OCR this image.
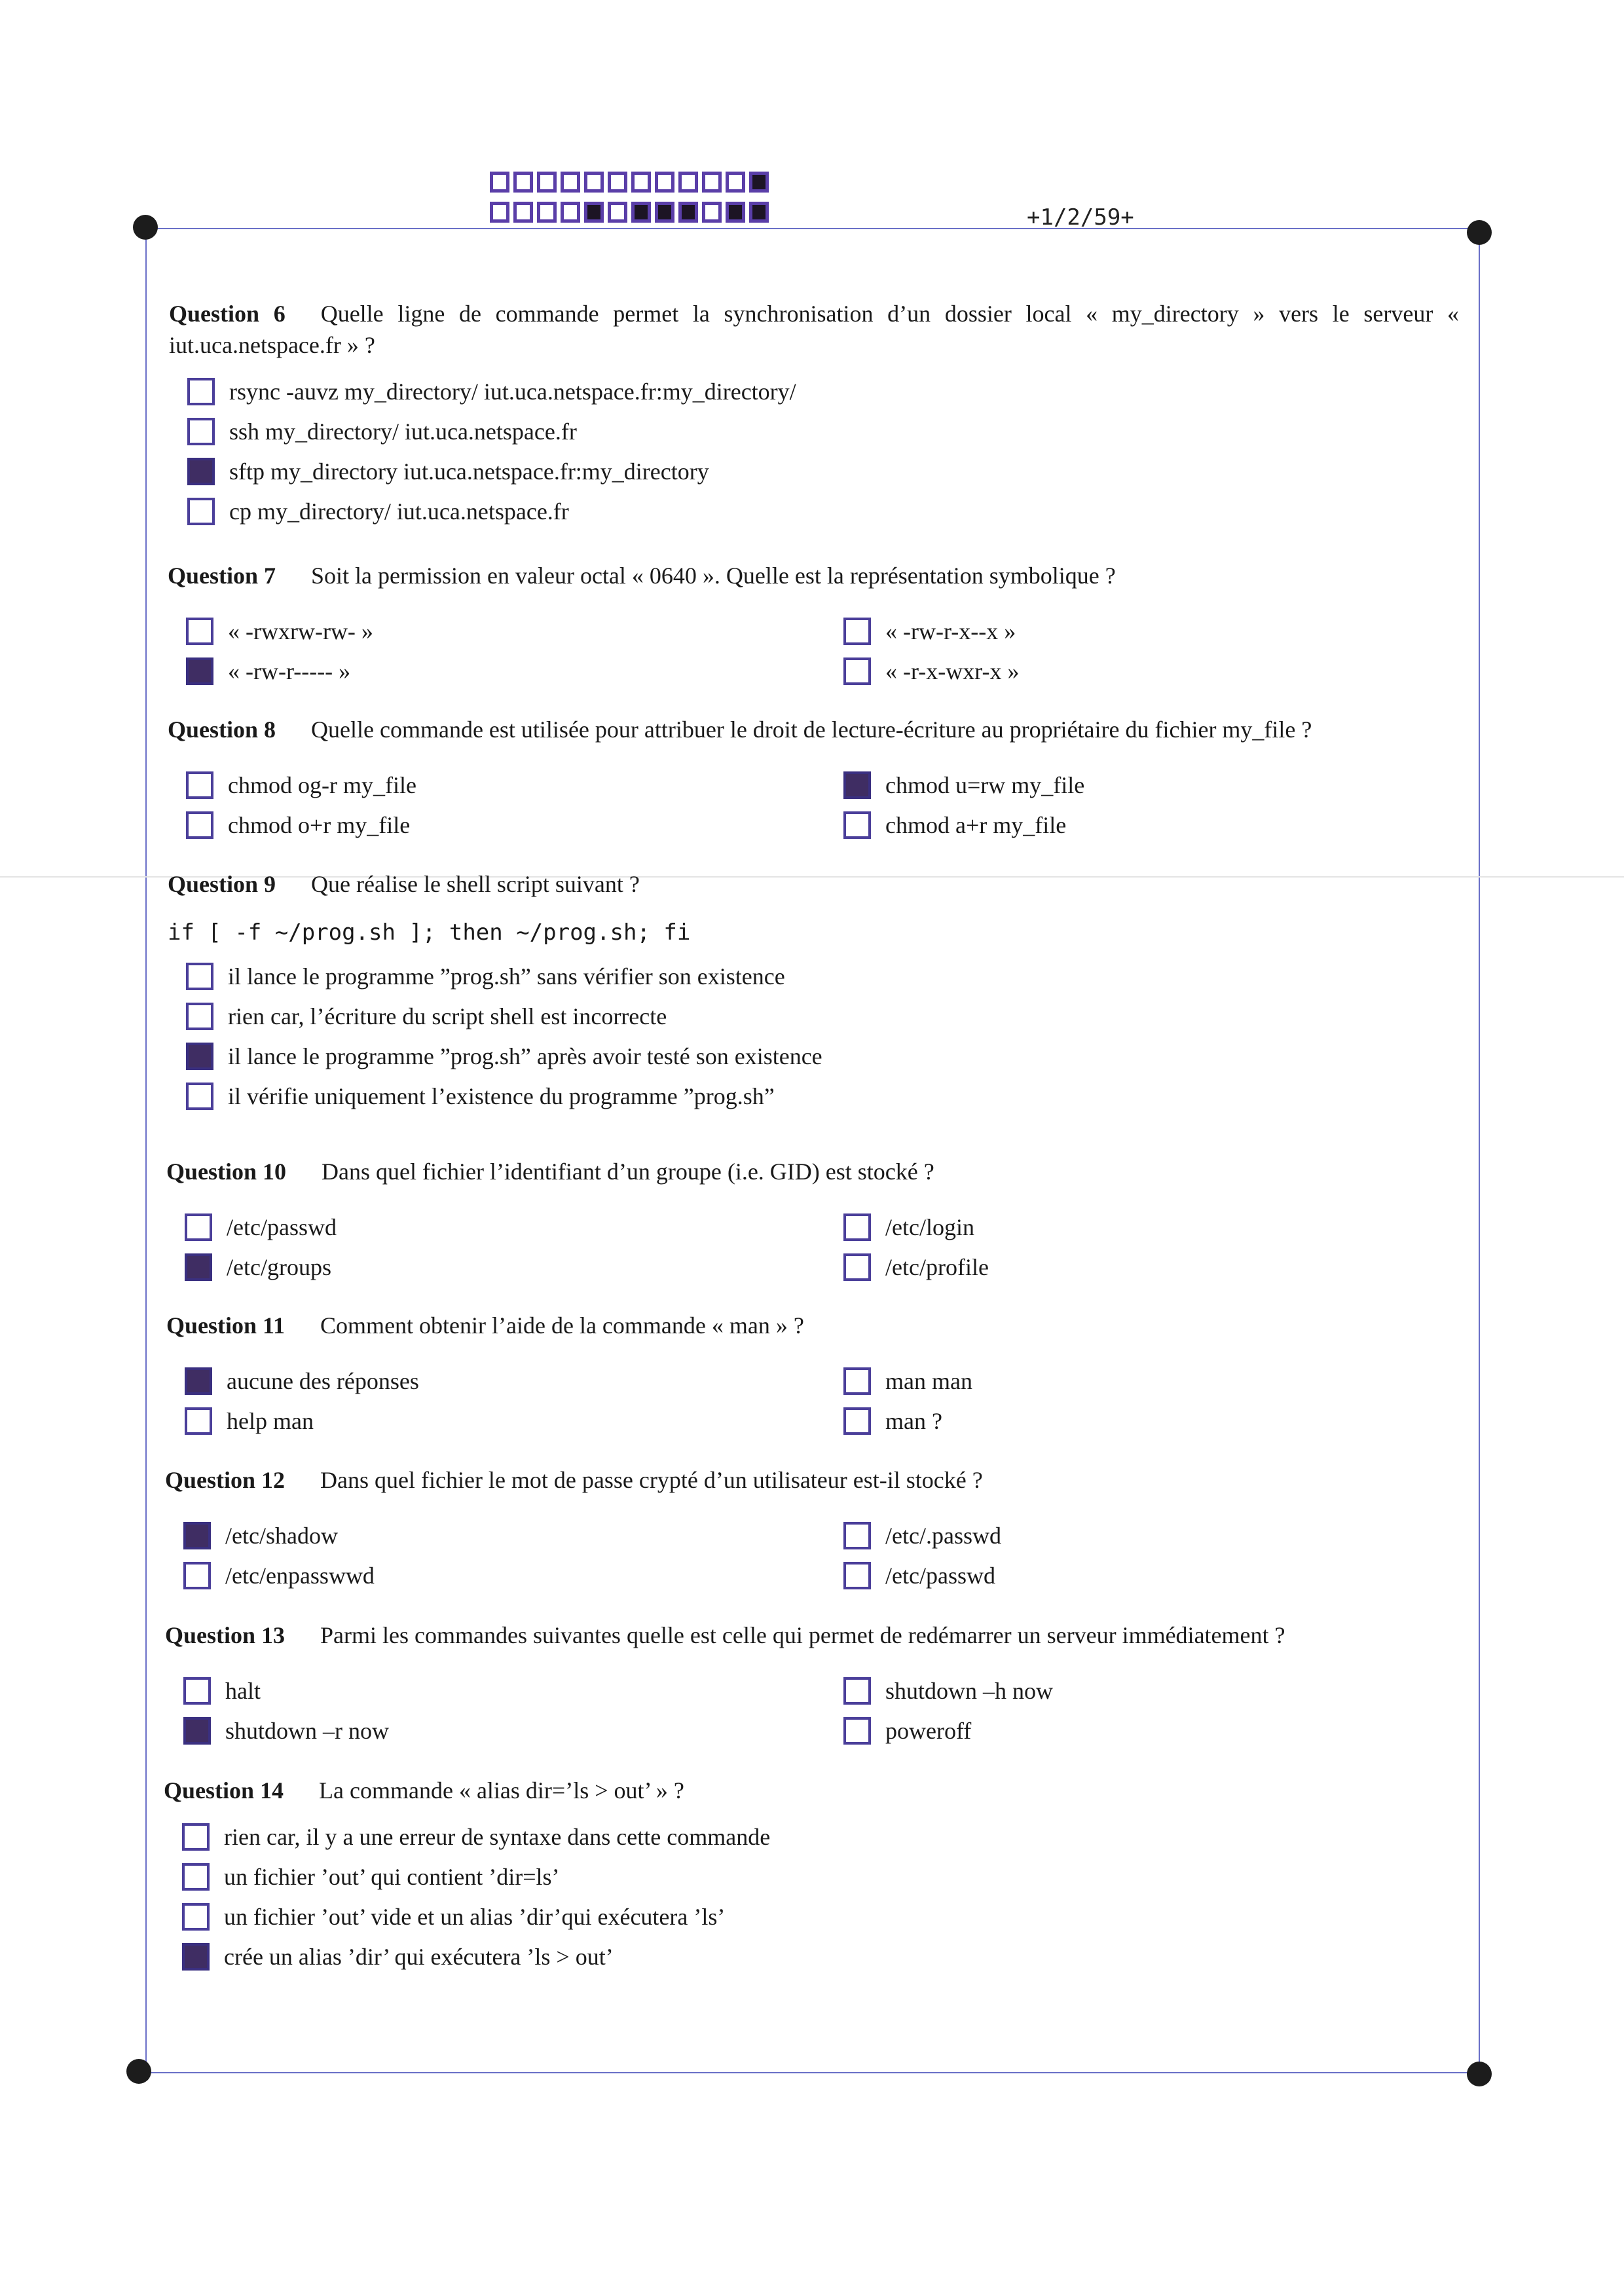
+1/2/59+

Question 6 Quelle ligne de commande permet la synchronisation d’un dossier local « my_directory » vers le serveur « iut.uca.netspace.fr » ?

rsync -auvz my_directory/ iut.uca.netspace.fr:my_directory/
ssh my_directory/ iut.uca.netspace.fr
sftp my_directory iut.uca.netspace.fr:my_directory
cp my_directory/ iut.uca.netspace.fr

Question 7 Soit la permission en valeur octal « 0640 ». Quelle est la représentation symbolique ?

« -rwxrw-rw- »	« -rw-r-x--x »
« -rw-r----- »	« -r-x-wxr-x »

Question 8 Quelle commande est utilisée pour attribuer le droit de lecture-écriture au propriétaire du fichier my_file ?

chmod og-r my_file	chmod u=rw my_file
chmod o+r my_file	chmod a+r my_file

Question 9 Que réalise le shell script suivant ?

if [ -f ~/prog.sh ]; then ~/prog.sh; fi
il lance le programme ”prog.sh” sans vérifier son existence
rien car, l’écriture du script shell est incorrecte
il lance le programme ”prog.sh” après avoir testé son existence
il vérifie uniquement l’existence du programme ”prog.sh”

Question 10 Dans quel fichier l’identifiant d’un groupe (i.e. GID) est stocké ?

/etc/passwd	/etc/login
/etc/groups	/etc/profile

Question 11 Comment obtenir l’aide de la commande « man » ?

aucune des réponses	man man
help man	man ?

Question 12 Dans quel fichier le mot de passe crypté d’un utilisateur est-il stocké ?

/etc/shadow	/etc/.passwd
/etc/enpasswwd	/etc/passwd

Question 13 Parmi les commandes suivantes quelle est celle qui permet de redémarrer un serveur immédiatement ?

halt	shutdown –h now
shutdown –r now	poweroff

Question 14 La commande « alias dir=’ls > out’ » ?

rien car, il y a une erreur de syntaxe dans cette commande
un fichier ’out’ qui contient ’dir=ls’
un fichier ’out’ vide et un alias ’dir’qui exécutera ’ls’
crée un alias ’dir’ qui exécutera ’ls > out’
